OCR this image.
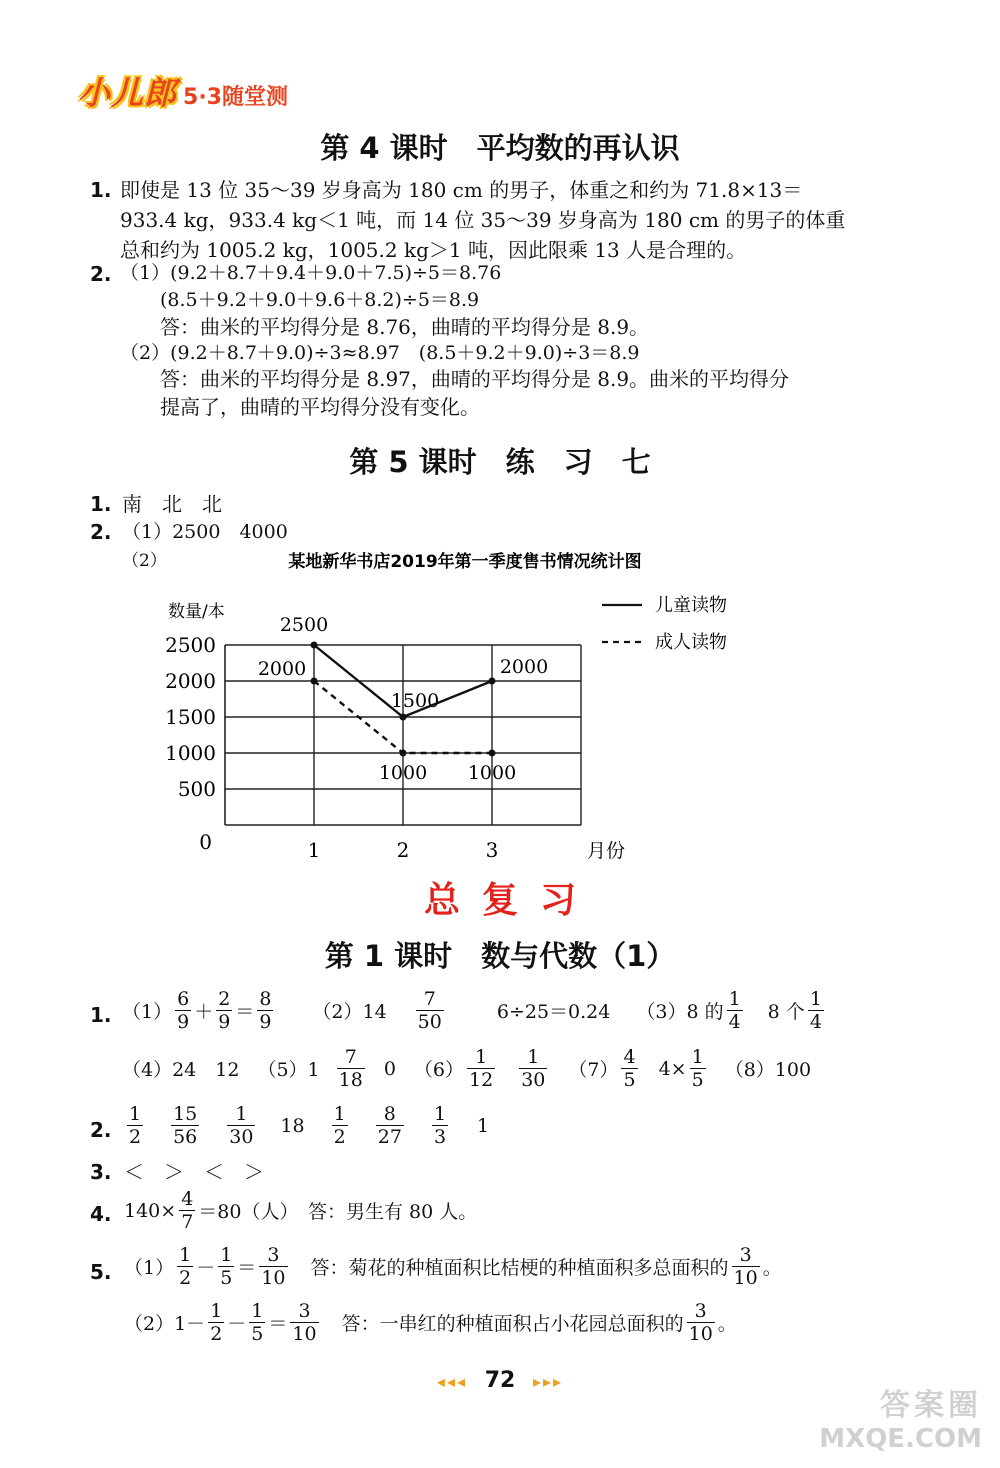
小儿郎 5·3随堂测
第 4 课时　平均数的再认识
1. 即使是 13 位 35～39 岁身高为 180 cm 的男子，体重之和约为 71.8×13＝
933.4 kg，933.4 kg＜1 吨，而 14 位 35～39 岁身高为 180 cm 的男子的体重
总和约为 1005.2 kg，1005.2 kg＞1 吨，因此限乘 13 人是合理的。
2. （1）(9.2＋8.7＋9.4＋9.0＋7.5)÷5＝8.76
(8.5＋9.2＋9.0＋9.6＋8.2)÷5＝8.9
答：曲米的平均得分是 8.76，曲晴的平均得分是 8.9。
（2）(9.2＋8.7＋9.0)÷3≈8.97　(8.5＋9.2＋9.0)÷3＝8.9
答：曲米的平均得分是 8.97，曲晴的平均得分是 8.9。曲米的平均得分
提高了，曲晴的平均得分没有变化。
第 5 课时　练　习　七
1. 南　北　北
2. （1）2500　4000
（2）	某地新华书店2019年第一季度售书情况统计图
数量/本
0
500
1000
1500
2000
2500
1	2	3	月份
2500
1500
2000
2000
1000 1000
儿童读物
成人读物
总复习
第 1 课时　数与代数（1）
1. $(1) \frac{6}{9} + \frac{2}{9} = \frac{8}{9} (2)14 \frac{7}{50}$	6÷25＝0.24 （3）8 的 $\frac{1}{4} 8$ 个 $\frac{1}{4}$
（4）24　12 $(5)1 \frac{7}{18} 0$ $(6) \frac{1}{12} \frac{1}{30} (7) \frac{4}{5} 4\times \frac{1}{5} (8)100$
2. $\frac{1}{2} \frac{15}{56} \frac{1}{30} 18 \frac{1}{2} \frac{8}{27} \frac{1}{3} 1$
3. ＜　＞　＜　＞
4. $140\times \frac{4}{7} =80$（人）　答：男生有 80 人。
5. $(1) \frac{1}{2} - \frac{1}{5} = \frac{3}{10}$ 答：菊花的种植面积比桔梗的种植面积多总面积的 $\frac{3}{10}$ 。
$(2)1- \frac{1}{2} - \frac{1}{5} = \frac{3}{10}$ 答：一串红的种植面积占小花园总面积的 $\frac{3}{10}$ 。
◂◂◂ 72 ▸▸▸
答案圈
MXQE.COM
